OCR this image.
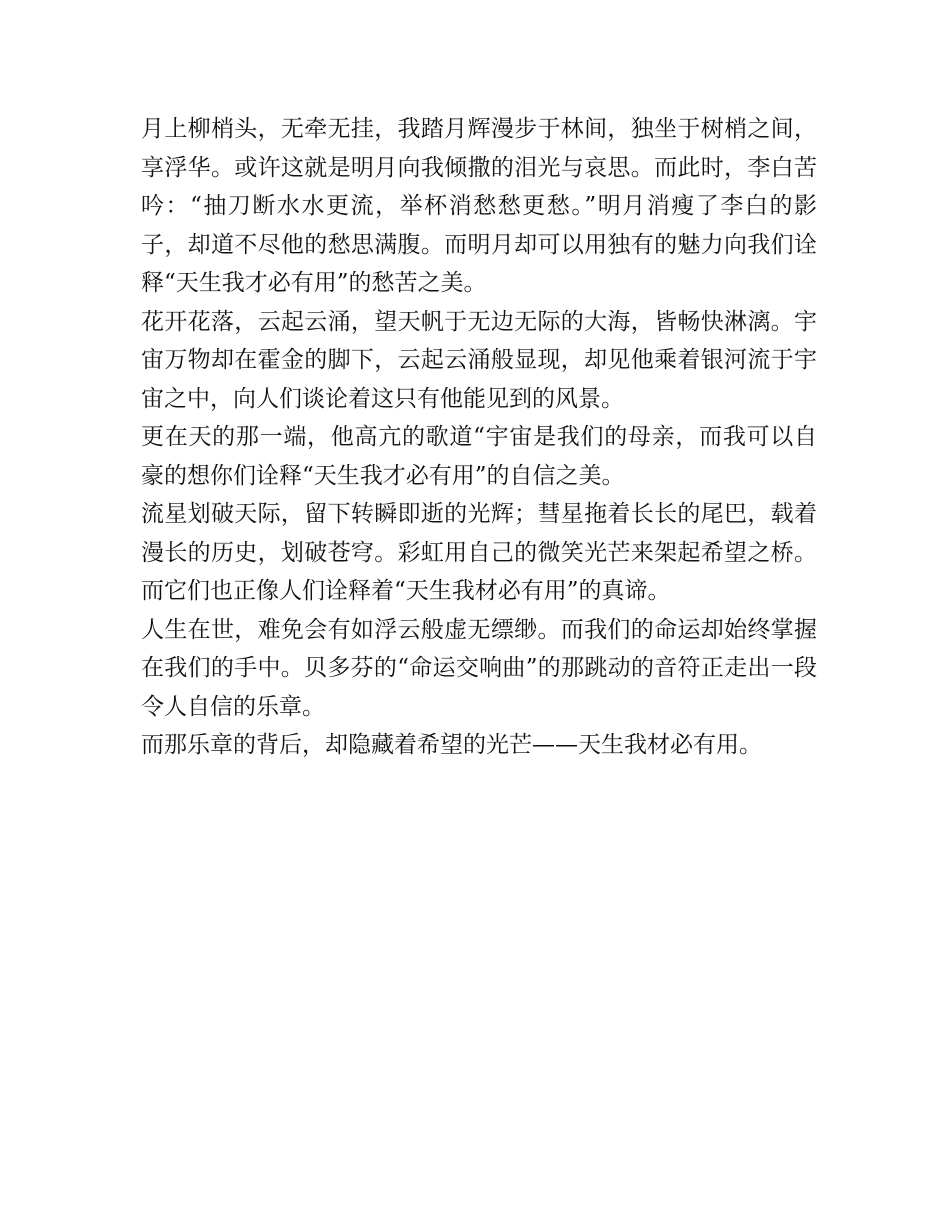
月上柳梢头，无牵无挂，我踏月辉漫步于林间，独坐于树梢之间，享浮华。或许这就是明月向我倾撒的泪光与哀思。而此时，李白苦吟：“抽刀断水水更流，举杯消愁愁更愁。”明月消瘦了李白的影子，却道不尽他的愁思满腹。而明月却可以用独有的魅力向我们诠释“天生我才必有用”的愁苦之美。

花开花落，云起云涌，望天帆于无边无际的大海，皆畅快淋漓。宇宙万物却在霍金的脚下，云起云涌般显现，却见他乘着银河流于宇宙之中，向人们谈论着这只有他能见到的风景。

更在天的那一端，他高亢的歌道“宇宙是我们的母亲，而我可以自豪的想你们诠释“天生我才必有用”的自信之美。

流星划破天际，留下转瞬即逝的光辉；彗星拖着长长的尾巴，载着漫长的历史，划破苍穹。彩虹用自己的微笑光芒来架起希望之桥。而它们也正像人们诠释着“天生我材必有用”的真谛。

人生在世，难免会有如浮云般虚无缥缈。而我们的命运却始终掌握在我们的手中。贝多芬的“命运交响曲”的那跳动的音符正走出一段令人自信的乐章。

而那乐章的背后，却隐藏着希望的光芒——天生我材必有用。
